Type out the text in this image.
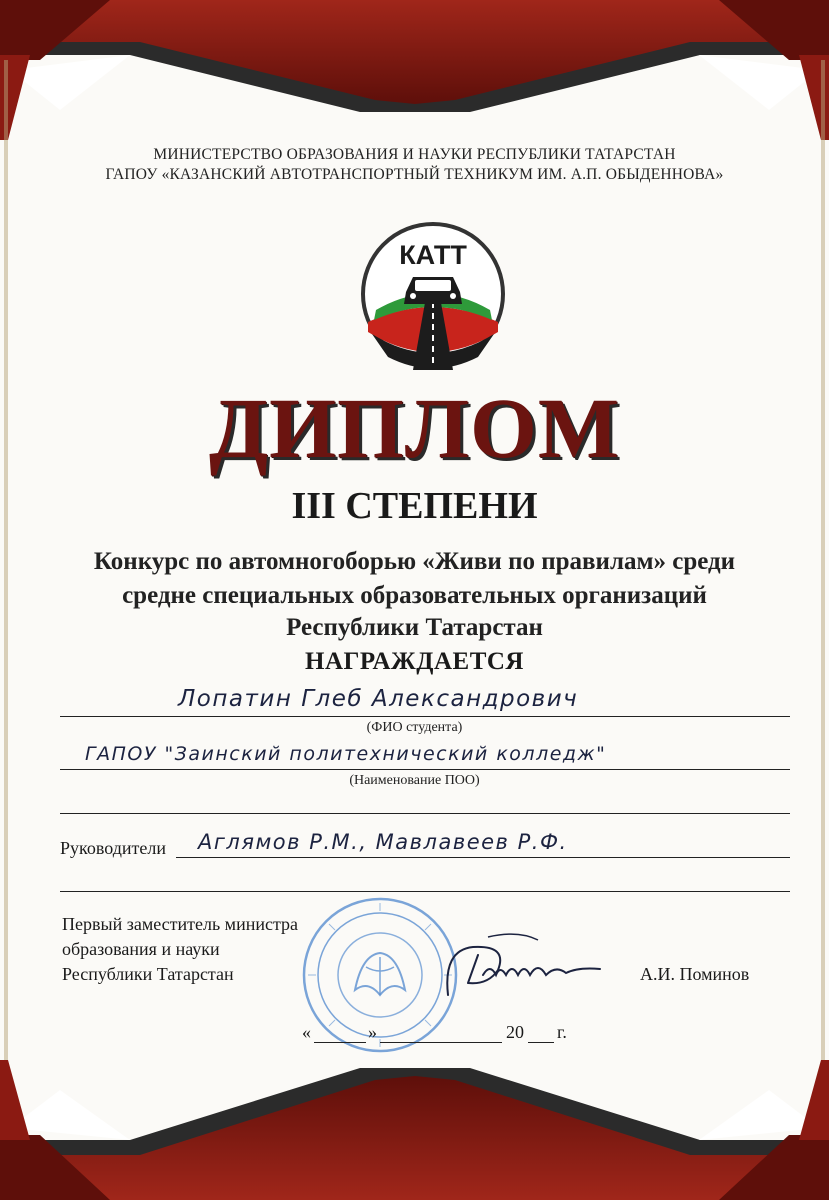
МИНИСТЕРСТВО ОБРАЗОВАНИЯ И НАУКИ РЕСПУБЛИКИ ТАТАРСТАН
ГАПОУ «КАЗАНСКИЙ АВТОТРАНСПОРТНЫЙ ТЕХНИКУМ ИМ. А.П. ОБЫДЕННОВА»
КАТТ
ДИПЛОМ
III СТЕПЕНИ
Конкурс по автомногоборью «Живи по правилам» среди
средне специальных образовательных организаций
Республики Татарстан
НАГРАЖДАЕТСЯ
Лопатин Глеб Александрович
(ФИО студента)
ГАПОУ "Заинский политехнический колледж"
(Наименование ПОО)
Руководители Аглямов Р.М., Мавлавеев Р.Ф.
Первый заместитель министра
образования и науки
Республики Татарстан	А.И. Поминов
«	»	20 г.
